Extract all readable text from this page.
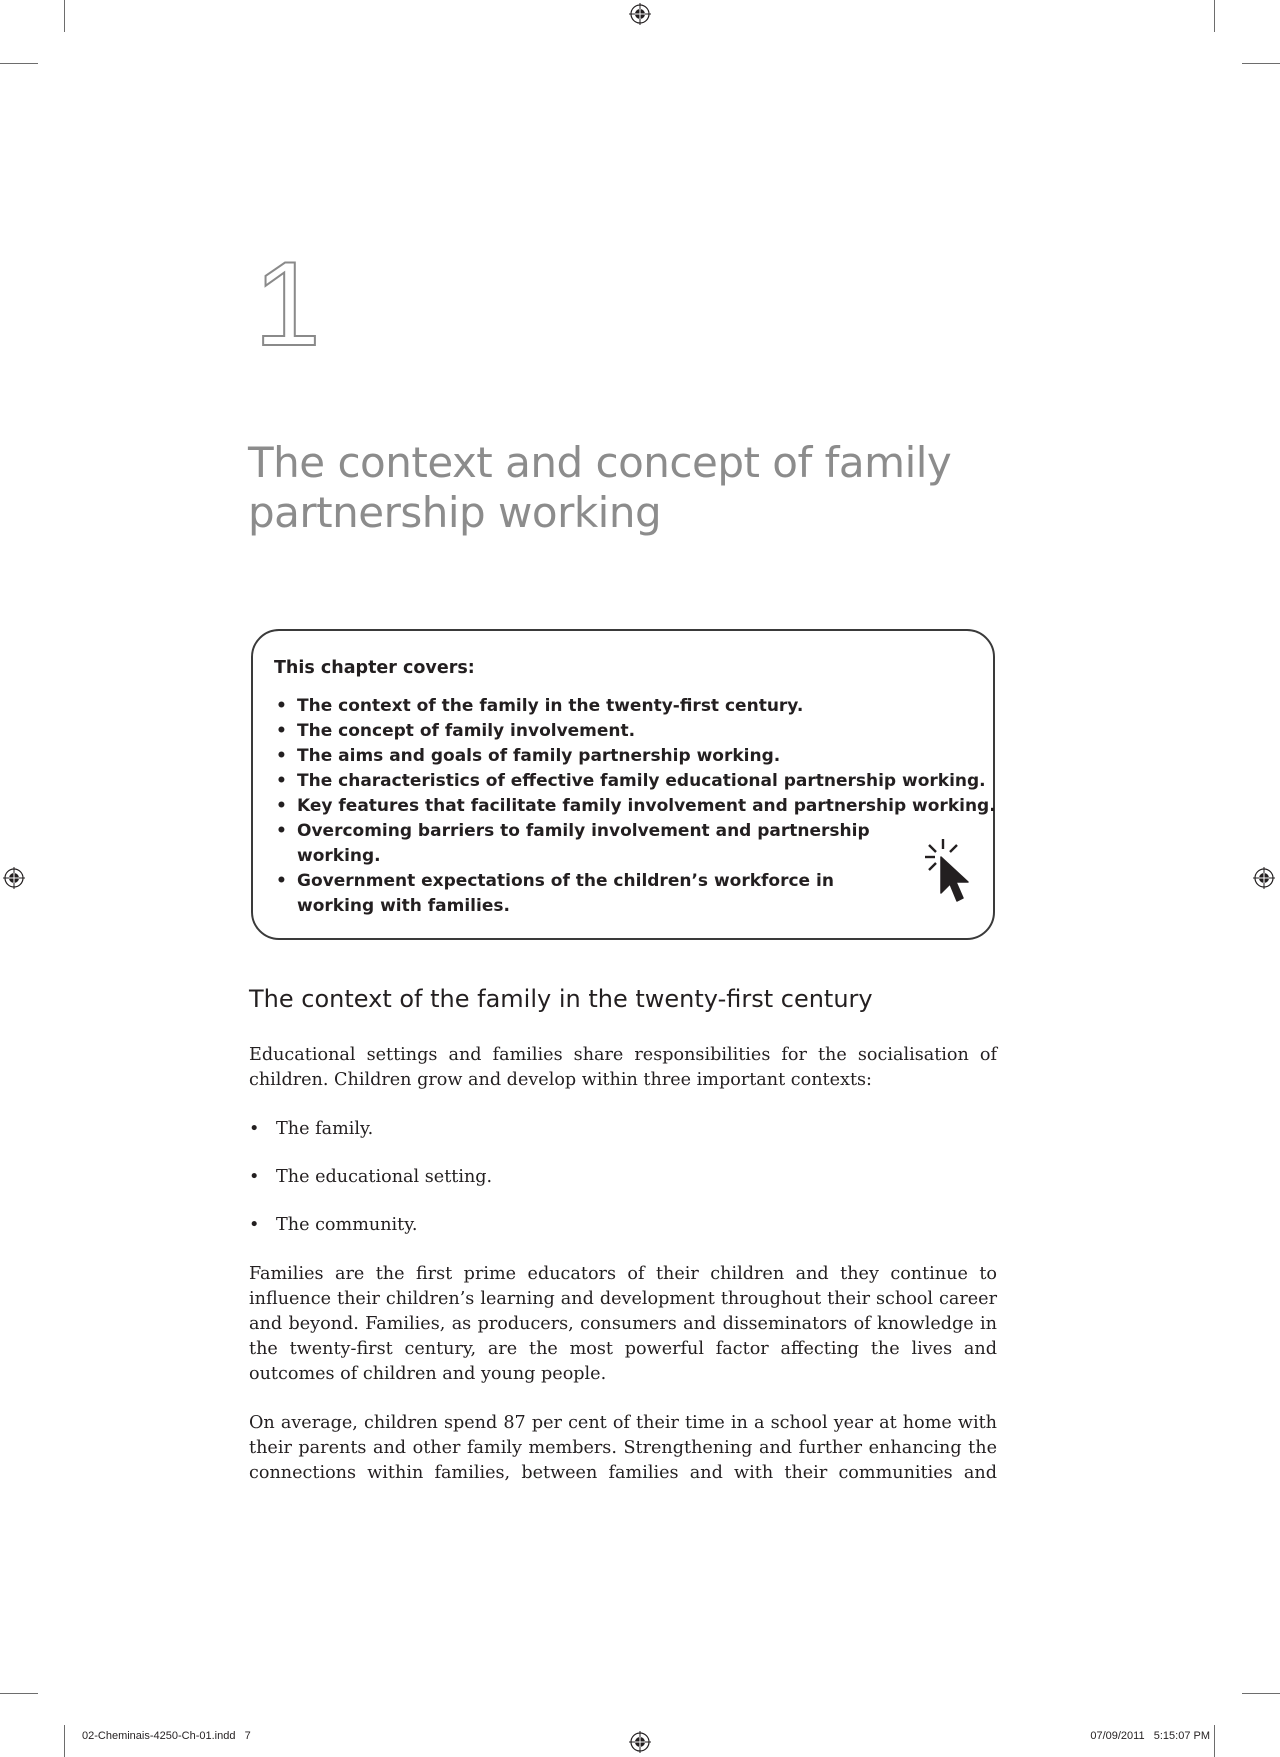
1
The context and concept of family
partnership working
This chapter covers:
• The context of the family in the twenty-first century.
• The concept of family involvement.
• The aims and goals of family partnership working.
• The characteristics of effective family educational partnership working.
• Key features that facilitate family involvement and partnership working.
• Overcoming barriers to family involvement and partnership working.
• Government expectations of the children’s workforce in working with families.
The context of the family in the twenty-first century

Educational settings and families share responsibilities for the socialisation of children. Children grow and develop within three important contexts:

• The family.
• The educational setting.
• The community.

Families are the first prime educators of their children and they continue to influence their children’s learning and development throughout their school career and beyond. Families, as producers, consumers and disseminators of knowledge in the twenty-first century, are the most powerful factor affecting the lives and outcomes of children and young people.

On average, children spend 87 per cent of their time in a school year at home with their parents and other family members. Strengthening and further enhancing the connections within families, between families and with their communities and

02-Cheminais-4250-Ch-01.indd   7	07/09/2011   5:15:07 PM
